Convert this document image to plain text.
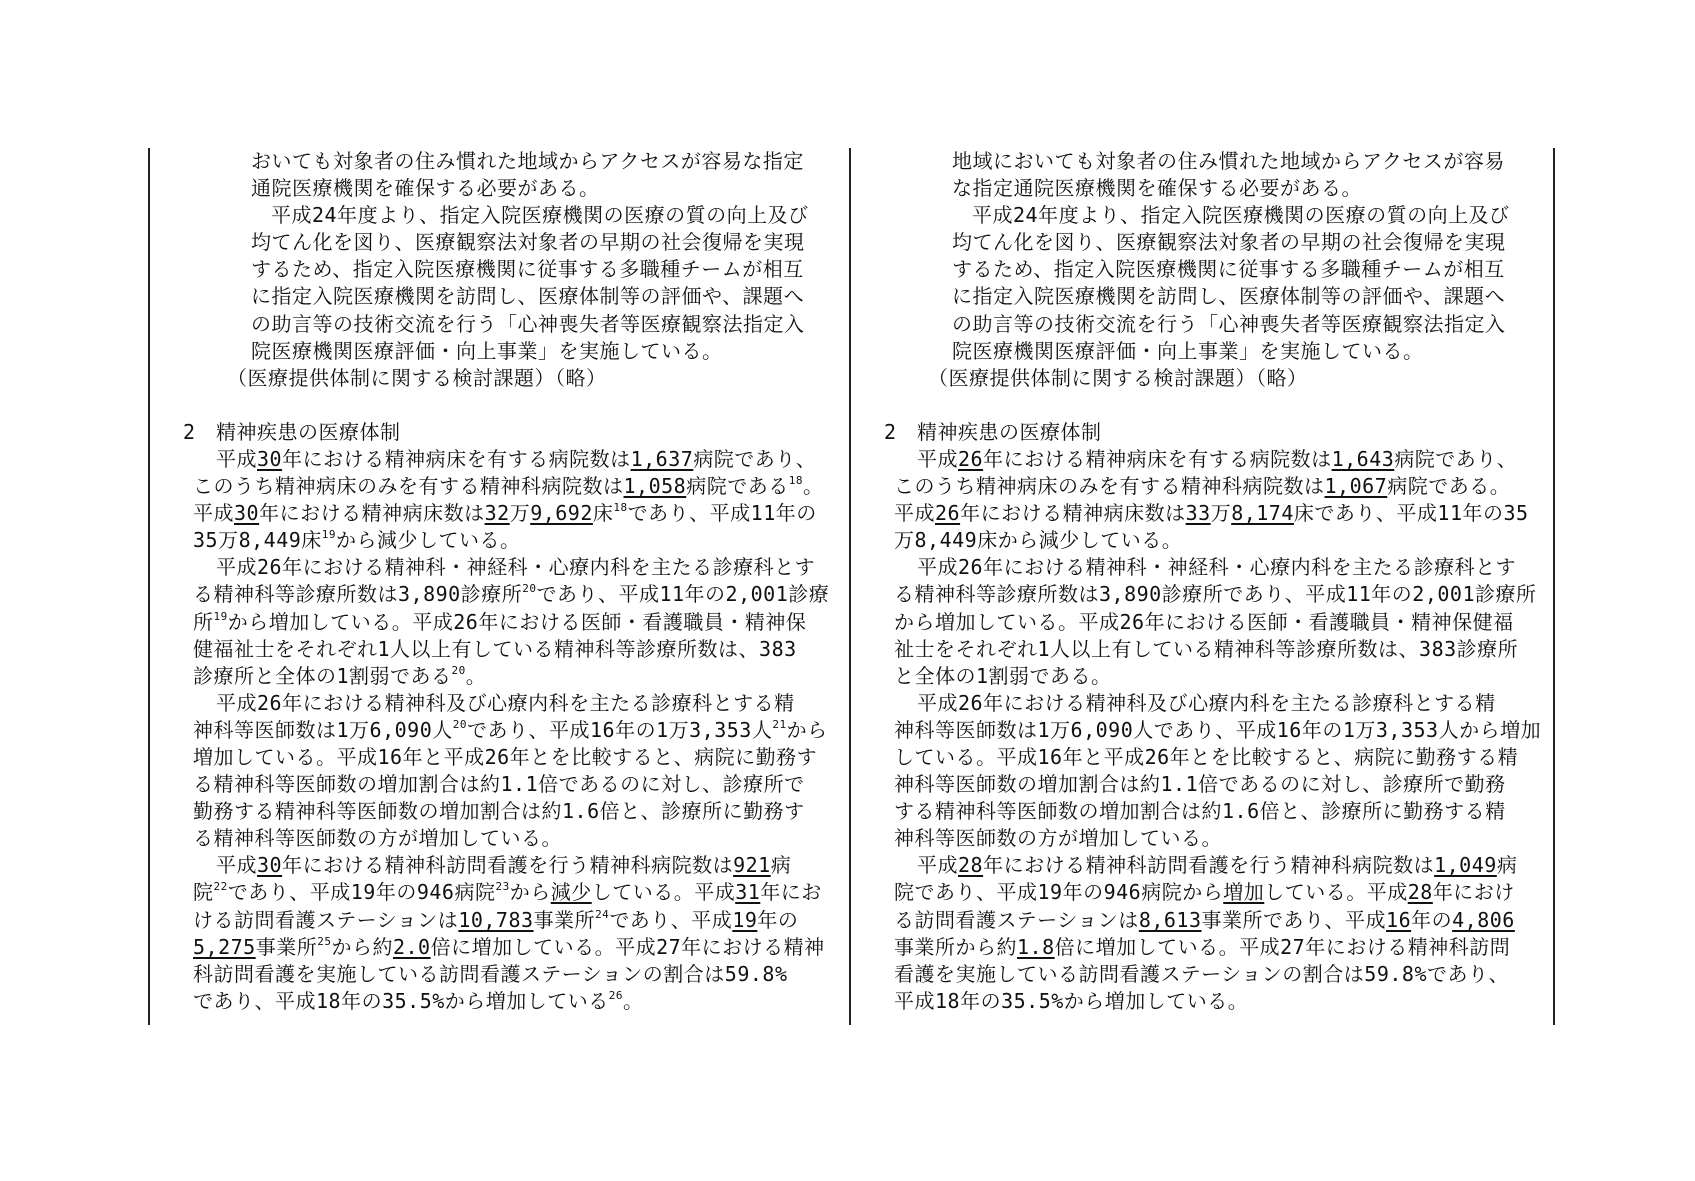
おいても対象者の住み慣れた地域からアクセスが容易な指定

通院医療機関を確保する必要がある。

平成24年度より、指定入院医療機関の医療の質の向上及び

均てん化を図り、医療観察法対象者の早期の社会復帰を実現

するため、指定入院医療機関に従事する多職種チームが相互

に指定入院医療機関を訪問し、医療体制等の評価や、課題へ

の助言等の技術交流を行う「心神喪失者等医療観察法指定入

院医療機関医療評価・向上事業」を実施している。

（医療提供体制に関する検討課題）（略）

2　精神疾患の医療体制

平成30年における精神病床を有する病院数は1,637病院であり、

このうち精神病床のみを有する精神科病院数は1,058病院である$^{18}$。

平成30年における精神病床数は32万9,692床$^{18}$であり、平成11年の

35万8,449床$^{19}$から減少している。

平成26年における精神科・神経科・心療内科を主たる診療科とす

る精神科等診療所数は3,890診療所$^{20}$であり、平成11年の2,001診療

所$^{19}$から増加している。平成26年における医師・看護職員・精神保

健福祉士をそれぞれ1人以上有している精神科等診療所数は、383

診療所と全体の1割弱である$^{20}$。

平成26年における精神科及び心療内科を主たる診療科とする精

神科等医師数は1万6,090人$^{20}$であり、平成16年の1万3,353人$^{21}$から

増加している。平成16年と平成26年とを比較すると、病院に勤務す

る精神科等医師数の増加割合は約1.1倍であるのに対し、診療所で

勤務する精神科等医師数の増加割合は約1.6倍と、診療所に勤務す

る精神科等医師数の方が増加している。

平成30年における精神科訪問看護を行う精神科病院数は921病

院$^{22}$であり、平成19年の946病院$^{23}$から減少している。平成31年にお

ける訪問看護ステーションは10,783事業所$^{24}$であり、平成19年の

5,275事業所$^{25}$から約2.0倍に増加している。平成27年における精神

科訪問看護を実施している訪問看護ステーションの割合は59.8%

であり、平成18年の35.5%から増加している$^{26}$。

地域においても対象者の住み慣れた地域からアクセスが容易

な指定通院医療機関を確保する必要がある。

平成24年度より、指定入院医療機関の医療の質の向上及び

均てん化を図り、医療観察法対象者の早期の社会復帰を実現

するため、指定入院医療機関に従事する多職種チームが相互

に指定入院医療機関を訪問し、医療体制等の評価や、課題へ

の助言等の技術交流を行う「心神喪失者等医療観察法指定入

院医療機関医療評価・向上事業」を実施している。

（医療提供体制に関する検討課題）（略）

2　精神疾患の医療体制

平成26年における精神病床を有する病院数は1,643病院であり、

このうち精神病床のみを有する精神科病院数は1,067病院である。

平成26年における精神病床数は33万8,174床であり、平成11年の35

万8,449床から減少している。

平成26年における精神科・神経科・心療内科を主たる診療科とす

る精神科等診療所数は3,890診療所であり、平成11年の2,001診療所

から増加している。平成26年における医師・看護職員・精神保健福

祉士をそれぞれ1人以上有している精神科等診療所数は、383診療所

と全体の1割弱である。

平成26年における精神科及び心療内科を主たる診療科とする精

神科等医師数は1万6,090人であり、平成16年の1万3,353人から増加

している。平成16年と平成26年とを比較すると、病院に勤務する精

神科等医師数の増加割合は約1.1倍であるのに対し、診療所で勤務

する精神科等医師数の増加割合は約1.6倍と、診療所に勤務する精

神科等医師数の方が増加している。

平成28年における精神科訪問看護を行う精神科病院数は1,049病

院であり、平成19年の946病院から増加している。平成28年におけ

る訪問看護ステーションは8,613事業所であり、平成16年の4,806

事業所から約1.8倍に増加している。平成27年における精神科訪問

看護を実施している訪問看護ステーションの割合は59.8%であり、

平成18年の35.5%から増加している。
